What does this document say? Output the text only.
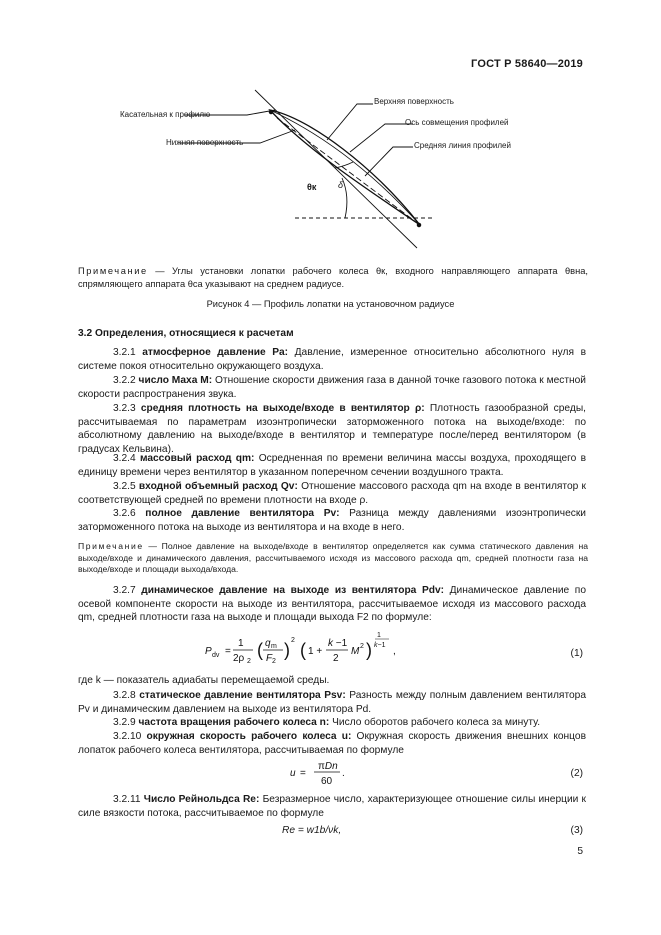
ГОСТ Р 58640—2019
Верхняя поверхность
Ось совмещения профилей
Средняя линия профилей
Касательная к профилю
Нижняя поверхность
θк δ
Примечание — Углы установки лопатки рабочего колеса θк, входного направляющего аппарата θвна, спрямляющего аппарата θса указывают на среднем радиусе.
Рисунок 4 — Профиль лопатки на установочном радиусе
3.2 Определения, относящиеся к расчетам
3.2.1 атмосферное давление Pa: Давление, измеренное относительно абсолютного нуля в системе покоя относительно окружающего воздуха.
3.2.2 число Маха M: Отношение скорости движения газа в данной точке газового потока к местной скорости распространения звука.
3.2.3 средняя плотность на выходе/входе в вентилятор ρ: Плотность газообразной среды, рассчитываемая по параметрам изоэнтропически заторможенного потока на выходе/входе: по абсолютному давлению на выходе/входе в вентилятор и температуре после/перед вентилятором (в градусах Кельвина).
3.2.4 массовый расход qm: Осредненная по времени величина массы воздуха, проходящего в единицу времени через вентилятор в указанном поперечном сечении воздушного тракта.
3.2.5 входной объемный расход Qv: Отношение массового расхода qm на входе в вентилятор к соответствующей средней по времени плотности на входе ρ.
3.2.6 полное давление вентилятора Pv: Разница между давлениями изоэнтропически заторможенного потока на выходе из вентилятора и на входе в него.
Примечание — Полное давление на выходе/входе в вентилятор определяется как сумма статического давления на выходе/входе и динамического давления, рассчитываемого исходя из массового расхода qm, средней плотности газа на выходе/входе и площади выхода/входа.
3.2.7 динамическое давление на выходе из вентилятора Pdv: Динамическое давление по осевой компоненте скорости на выходе из вентилятора, рассчитываемое исходя из массового расхода qm, средней плотности газа на выходе и площади выхода F2 по формуле:
P dv =
1
2ρ 2
( q m
F 2
) 2 ( 1 +
k −1
2
M 2 )
1
k−1
,	(1)
где k — показатель адиабаты перемещаемой среды.
3.2.8 статическое давление вентилятора Psv: Разность между полным давлением вентилятора Pv и динамическим давлением на выходе из вентилятора Pd.
3.2.9 частота вращения рабочего колеса n: Число оборотов рабочего колеса за минуту.
3.2.10 окружная скорость рабочего колеса u: Окружная скорость движения внешних концов лопаток рабочего колеса вентилятора, рассчитываемая по формуле
u =
πDn
60
.	(2)
3.2.11 Число Рейнольдса Re: Безразмерное число, характеризующее отношение силы инерции к силе вязкости потока, рассчитываемое по формуле
Re = w1b/νk,	(3)
5
